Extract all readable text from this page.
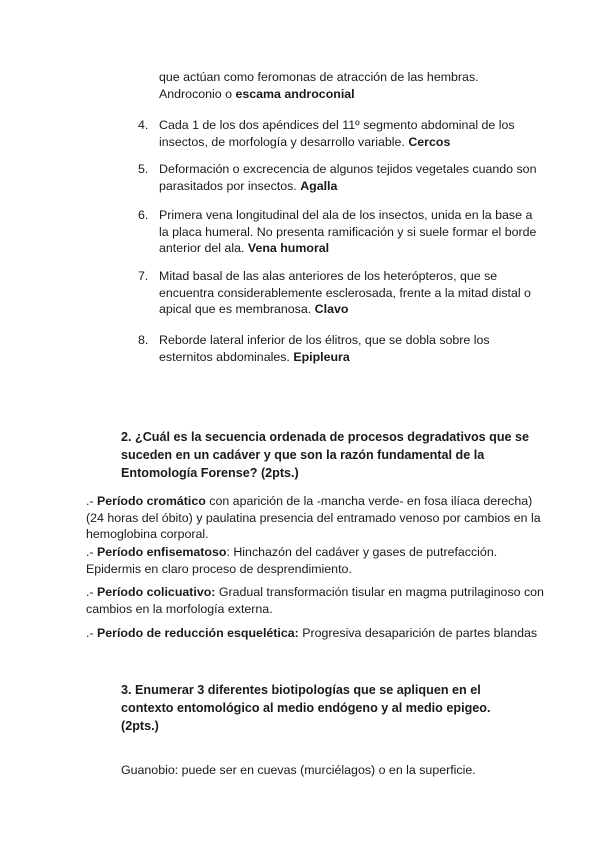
que actúan como feromonas de atracción de las hembras. Androconio o escama androconial
4. Cada 1 de los dos apéndices del 11º segmento abdominal de los insectos, de morfología y desarrollo variable. Cercos
5. Deformación o excrecencia de algunos tejidos vegetales cuando son parasitados por insectos. Agalla
6. Primera vena longitudinal del ala de los insectos, unida en la base a la placa humeral. No presenta ramificación y si suele formar el borde anterior del ala. Vena humoral
7. Mitad basal de las alas anteriores de los heterópteros, que se encuentra considerablemente esclerosada, frente a la mitad distal o apical que es membranosa. Clavo
8. Reborde lateral inferior de los élitros, que se dobla sobre los esternitos abdominales. Epipleura
2. ¿Cuál es la secuencia ordenada de procesos degradativos que se suceden en un cadáver y que son la razón fundamental de la Entomología Forense? (2pts.)
.- Período cromático con aparición de la -mancha verde- en fosa ilíaca derecha) (24 horas del óbito) y paulatina presencia del entramado venoso por cambios en la hemoglobina corporal.
.- Período enfisematoso: Hinchazón del cadáver y gases de putrefacción. Epidermis en claro proceso de desprendimiento.
.- Período colicuativo: Gradual transformación tisular en magma putrilaginoso con cambios en la morfología externa.
.- Período de reducción esquelética: Progresiva desaparición de partes blandas
3. Enumerar 3 diferentes biotipologías que se apliquen en el contexto entomológico al medio endógeno y al medio epigeo. (2pts.)
Guanobio: puede ser en cuevas (murciélagos) o en la superficie.
